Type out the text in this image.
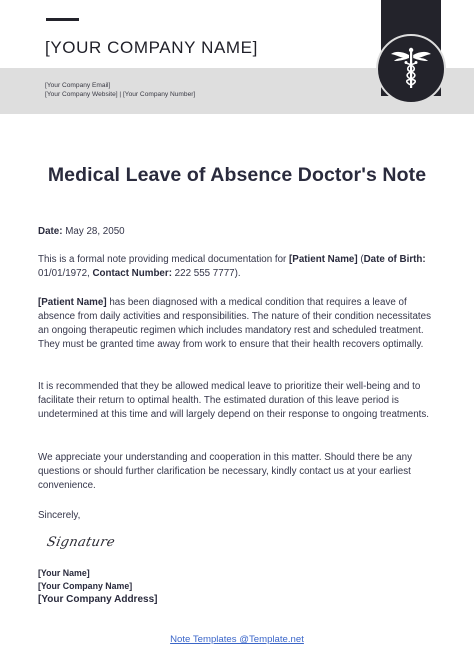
[YOUR COMPANY NAME]
[Your Company Email]
[Your Company Website] | [Your Company Number]
Medical Leave of Absence Doctor's Note
Date: May 28, 2050
This is a formal note providing medical documentation for [Patient Name] (Date of Birth: 01/01/1972, Contact Number: 222 555 7777).
[Patient Name] has been diagnosed with a medical condition that requires a leave of absence from daily activities and responsibilities. The nature of their condition necessitates an ongoing therapeutic regimen which includes mandatory rest and scheduled treatment. They must be granted time away from work to ensure that their health recovers optimally.
It is recommended that they be allowed medical leave to prioritize their well-being and to facilitate their return to optimal health. The estimated duration of this leave period is undetermined at this time and will largely depend on their response to ongoing treatments.
We appreciate your understanding and cooperation in this matter. Should there be any questions or should further clarification be necessary, kindly contact us at your earliest convenience.
Sincerely,
Signature
[Your Name]
[Your Company Name]
[Your Company Address]
Note Templates @Template.net
